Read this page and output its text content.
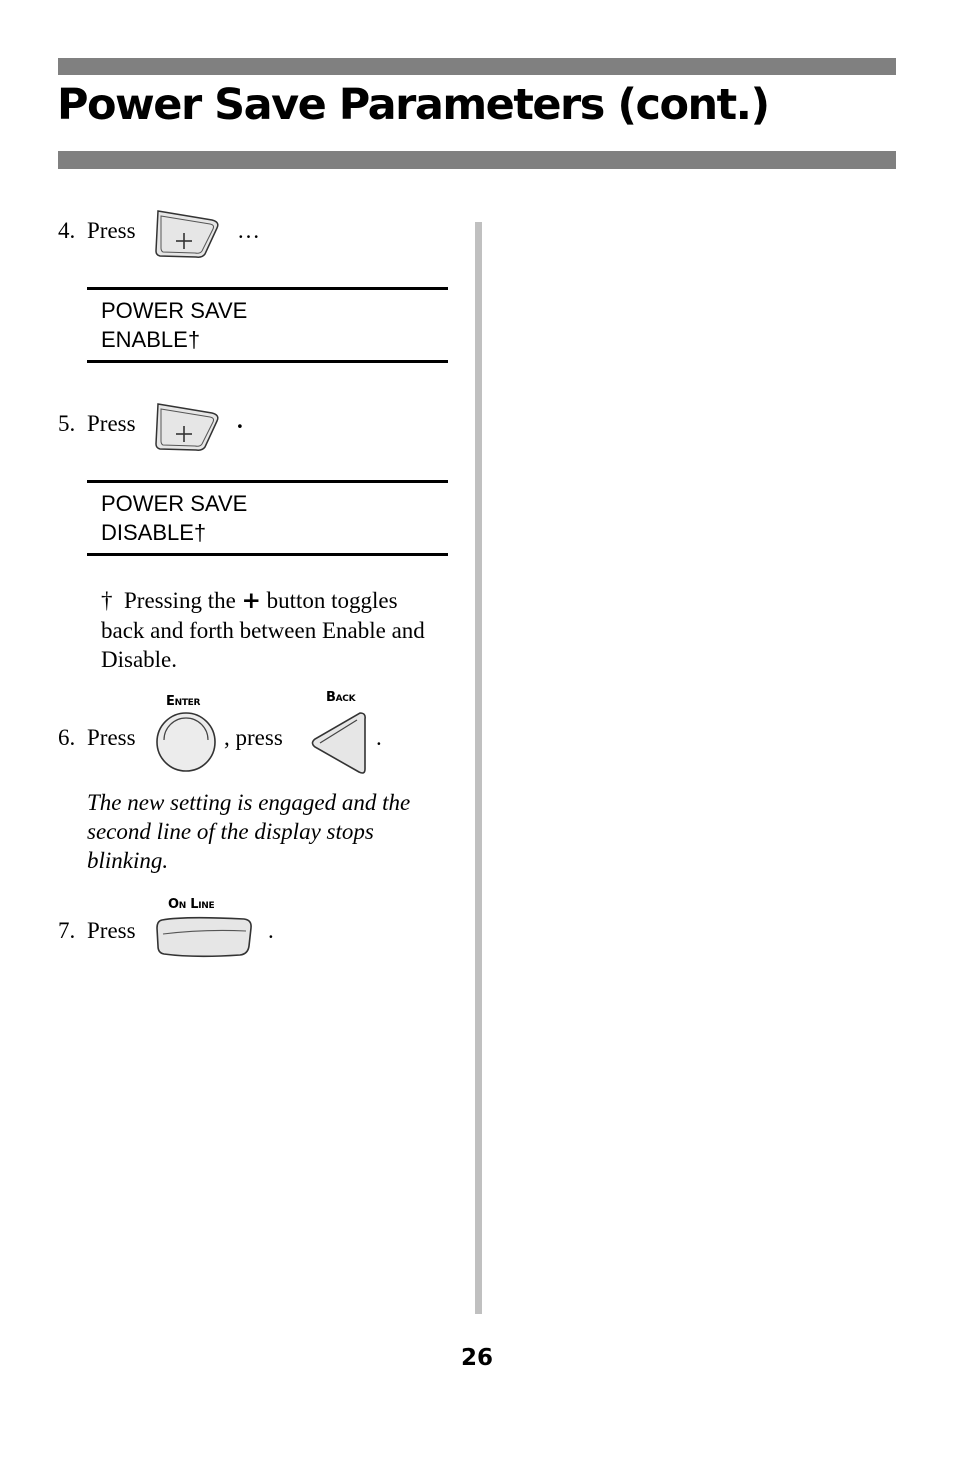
Power Save Parameters (cont.)
4. Press	…
POWER SAVE
ENABLE†
5. Press	.
POWER SAVE
DISABLE†
† Pressing the + button toggles back and forth between Enable and Disable.
6. Press
Enter
, press
Back
.
The new setting is engaged and the second line of the display stops blinking.
7. Press
On Line
.
26
